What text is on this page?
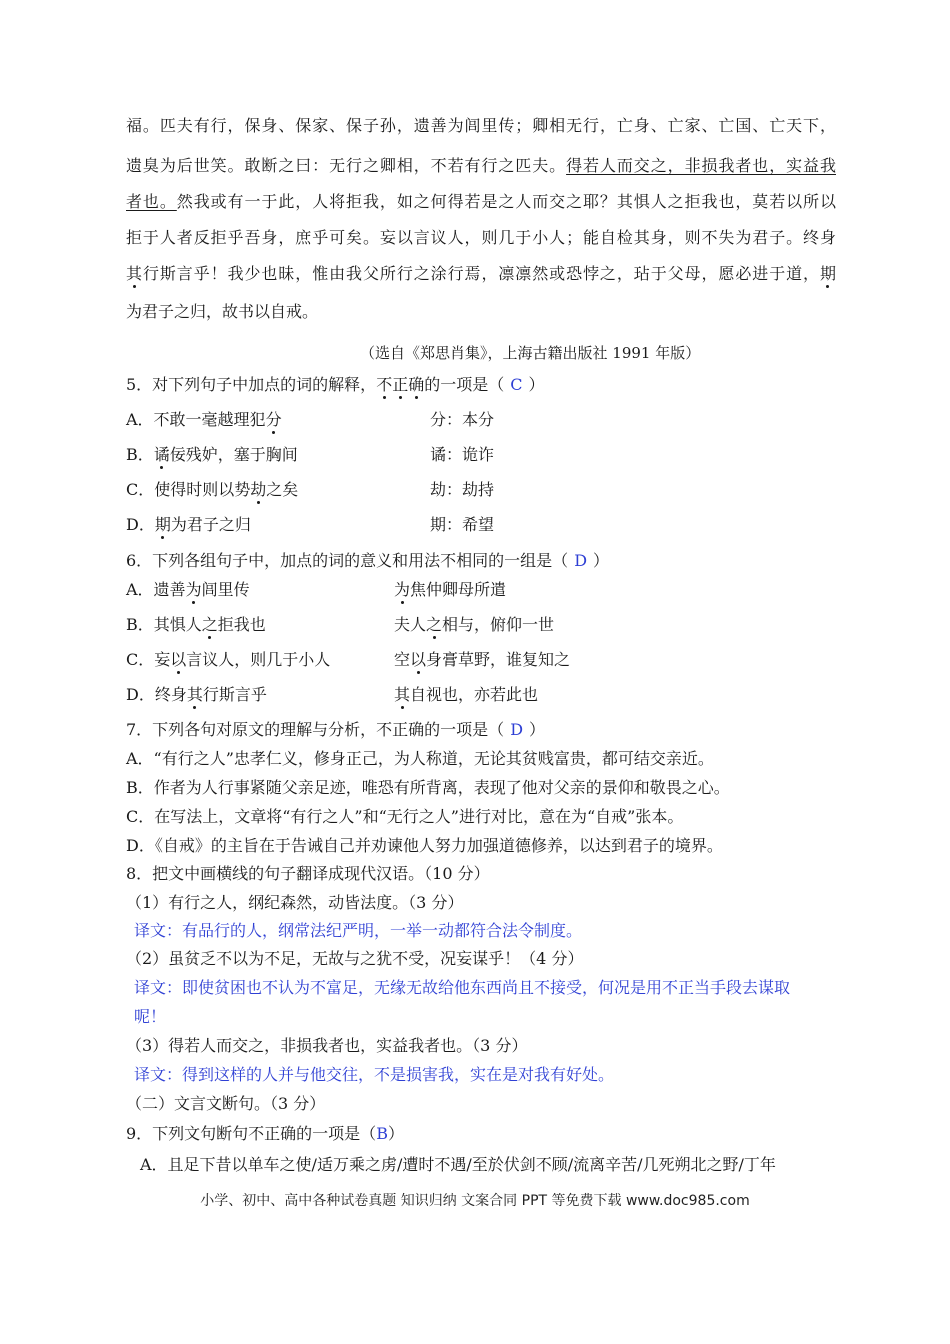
福。匹夫有行，保身、保家、保子孙，遗善为闾里传；卿相无行，亡身、亡家、亡国、亡天下，
遗臭为后世笑。敢断之曰：无行之卿相，不若有行之匹夫。得若人而交之，非损我者也，实益我
者也。然我或有一于此，人将拒我，如之何得若是之人而交之耶？其惧人之拒我也，莫若以所以
拒于人者反拒乎吾身，庶乎可矣。妄以言议人，则几于小人；能自检其身，则不失为君子。终身
其行斯言乎！我少也昧，惟由我父所行之涂行焉，凛凛然或恐悖之，玷于父母，愿必进于道，期
为君子之归，故书以自戒。
（选自《郑思肖集》，上海古籍出版社 1991 年版）
5．对下列句子中加点的词的解释，不正确的一项是（ C ）
A．不敢一毫越理犯分	分：本分
B．谲佞残妒，塞于胸间	谲：诡诈
C．使得时则以势劫之矣	劫：劫持
D．期为君子之归	期：希望
6．下列各组句子中，加点的词的意义和用法不相同的一组是（ D ）
A．遗善为闾里传	为焦仲卿母所遣
B．其惧人之拒我也	夫人之相与，俯仰一世
C．妄以言议人，则几于小人	空以身膏草野，谁复知之
D．终身其行斯言乎	其自视也，亦若此也
7．下列各句对原文的理解与分析，不正确的一项是（ D ）
A．“有行之人”忠孝仁义，修身正己，为人称道，无论其贫贱富贵，都可结交亲近。
B．作者为人行事紧随父亲足迹，唯恐有所背离，表现了他对父亲的景仰和敬畏之心。
C．在写法上，文章将“有行之人”和“无行之人”进行对比，意在为“自戒”张本。
D．《自戒》的主旨在于告诫自己并劝谏他人努力加强道德修养，以达到君子的境界。
8．把文中画横线的句子翻译成现代汉语。（10 分）
（1）有行之人，纲纪森然，动皆法度。（3 分）
译文：有品行的人，纲常法纪严明，一举一动都符合法令制度。
（2）虽贫乏不以为不足，无故与之犹不受，况妄谋乎！（4 分）
译文：即使贫困也不认为不富足，无缘无故给他东西尚且不接受，何况是用不正当手段去谋取
呢！
（3）得若人而交之，非损我者也，实益我者也。（3 分）
译文：得到这样的人并与他交往，不是损害我，实在是对我有好处。
（二）文言文断句。（3 分）
9．下列文句断句不正确的一项是（B）
A．且足下昔以单车之使/适万乘之虏/遭时不遇/至於伏剑不顾/流离辛苦/几死朔北之野/丁年
小学、初中、高中各种试卷真题 知识归纳 文案合同 PPT 等免费下载 www.doc985.com
